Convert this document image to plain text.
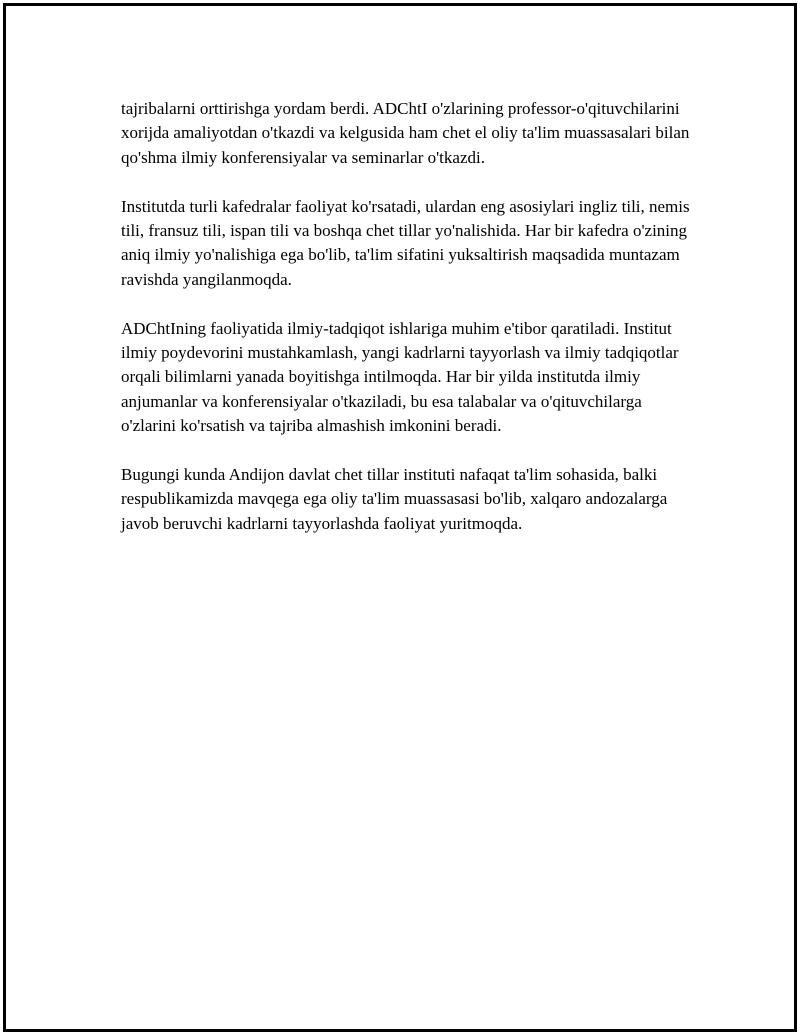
tajribalarni orttirishga yordam berdi. ADChtI o'zlarining professor-o'qituvchilarini xorijda amaliyotdan o'tkazdi va kelgusida ham chet el oliy ta'lim muassasalari bilan qo'shma ilmiy konferensiyalar va seminarlar o'tkazdi.

Institutda turli kafedralar faoliyat ko'rsatadi, ulardan eng asosiylari ingliz tili, nemis tili, fransuz tili, ispan tili va boshqa chet tillar yo'nalishida. Har bir kafedra o'zining aniq ilmiy yo'nalishiga ega bo'lib, ta'lim sifatini yuksaltirish maqsadida muntazam ravishda yangilanmoqda.

ADChtIning faoliyatida ilmiy-tadqiqot ishlariga muhim e'tibor qaratiladi. Institut ilmiy poydevorini mustahkamlash, yangi kadrlarni tayyorlash va ilmiy tadqiqotlar orqali bilimlarni yanada boyitishga intilmoqda. Har bir yilda institutda ilmiy anjumanlar va konferensiyalar o'tkaziladi, bu esa talabalar va o'qituvchilarga o'zlarini ko'rsatish va tajriba almashish imkonini beradi.

Bugungi kunda Andijon davlat chet tillar instituti nafaqat ta'lim sohasida, balki respublikamizda mavqega ega oliy ta'lim muassasasi bo'lib, xalqaro andozalarga javob beruvchi kadrlarni tayyorlashda faoliyat yuritmoqda.
